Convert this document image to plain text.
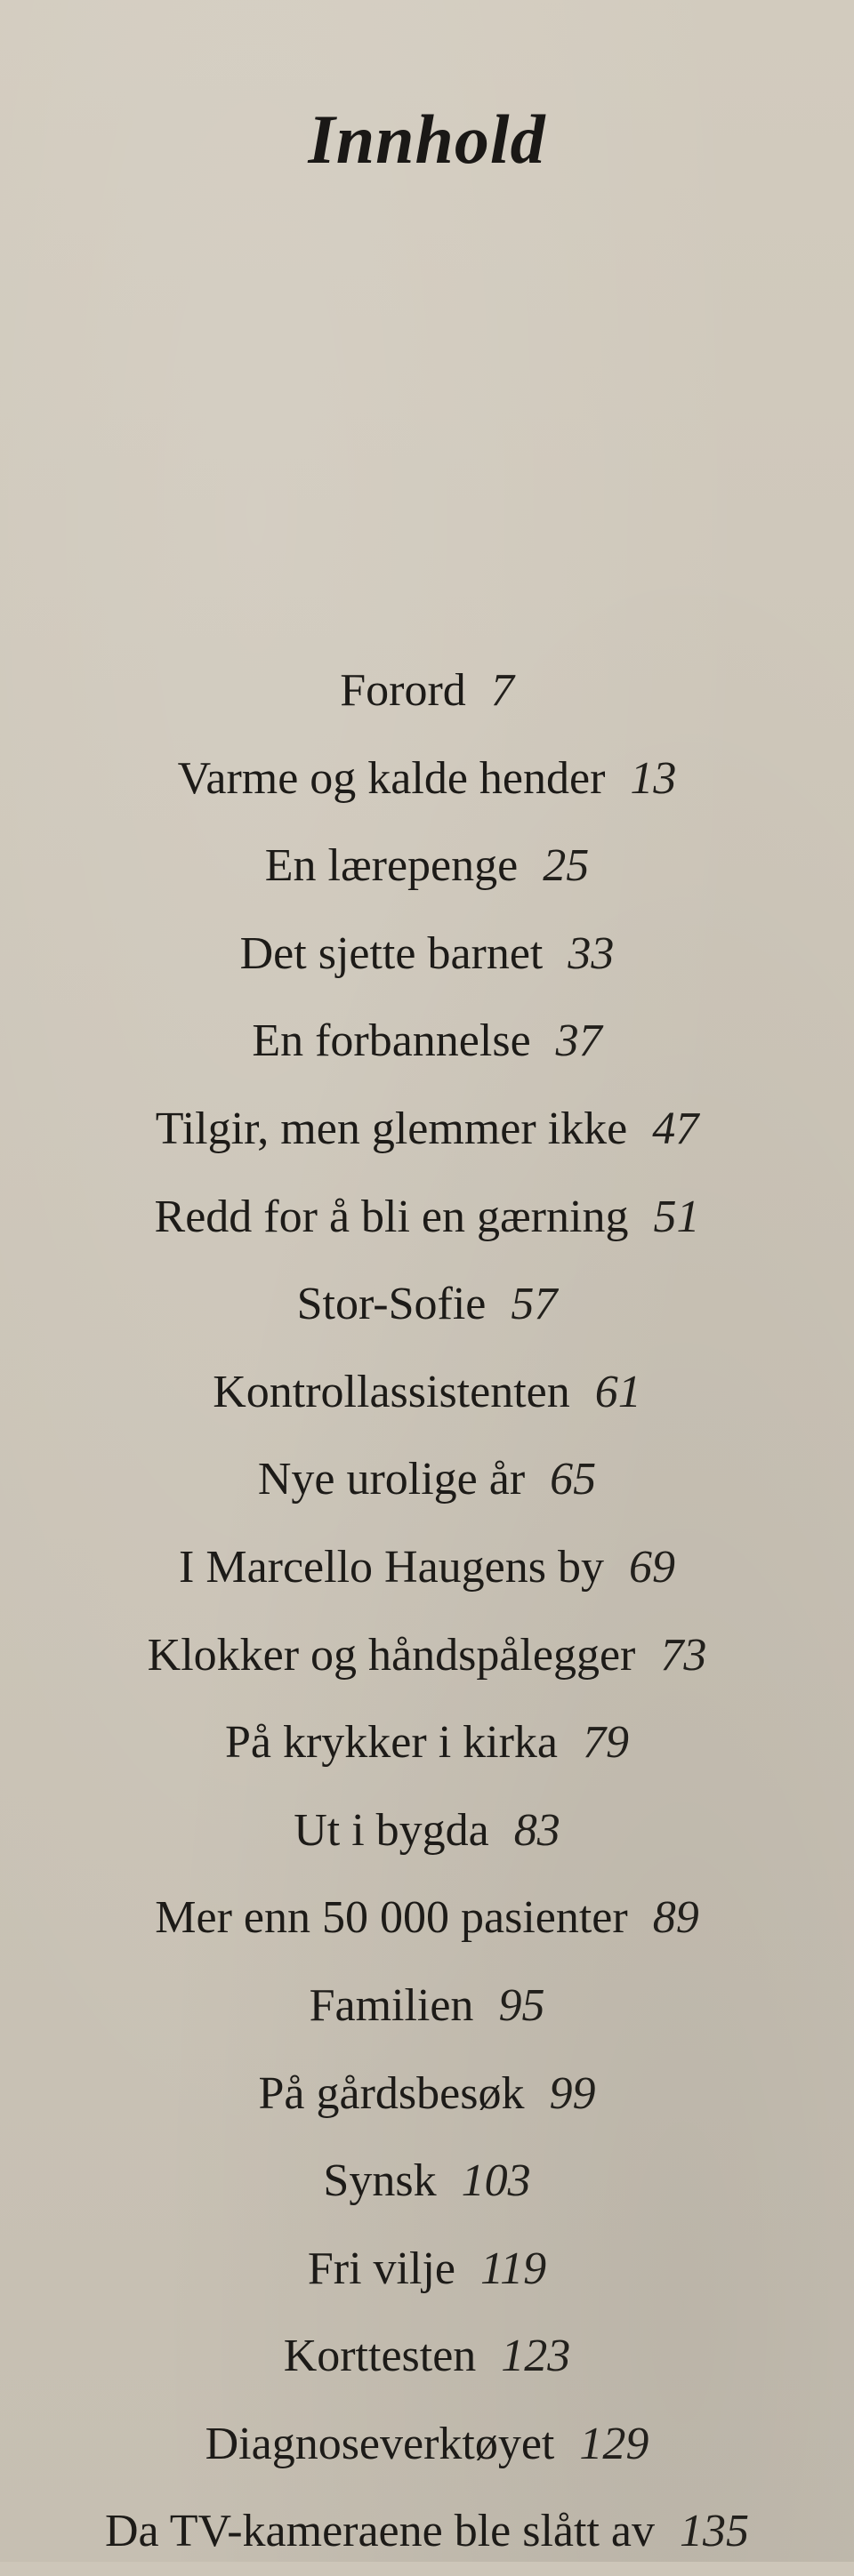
Innhold
Forord 7
Varme og kalde hender 13
En lærepenge 25
Det sjette barnet 33
En forbannelse 37
Tilgir, men glemmer ikke 47
Redd for å bli en gærning 51
Stor-Sofie 57
Kontrollassistenten 61
Nye urolige år 65
I Marcello Haugens by 69
Klokker og håndspålegger 73
På krykker i kirka 79
Ut i bygda 83
Mer enn 50 000 pasienter 89
Familien 95
På gårdsbesøk 99
Synsk 103
Fri vilje 119
Korttesten 123
Diagnoseverktøyet 129
Da TV-kameraene ble slått av 135
